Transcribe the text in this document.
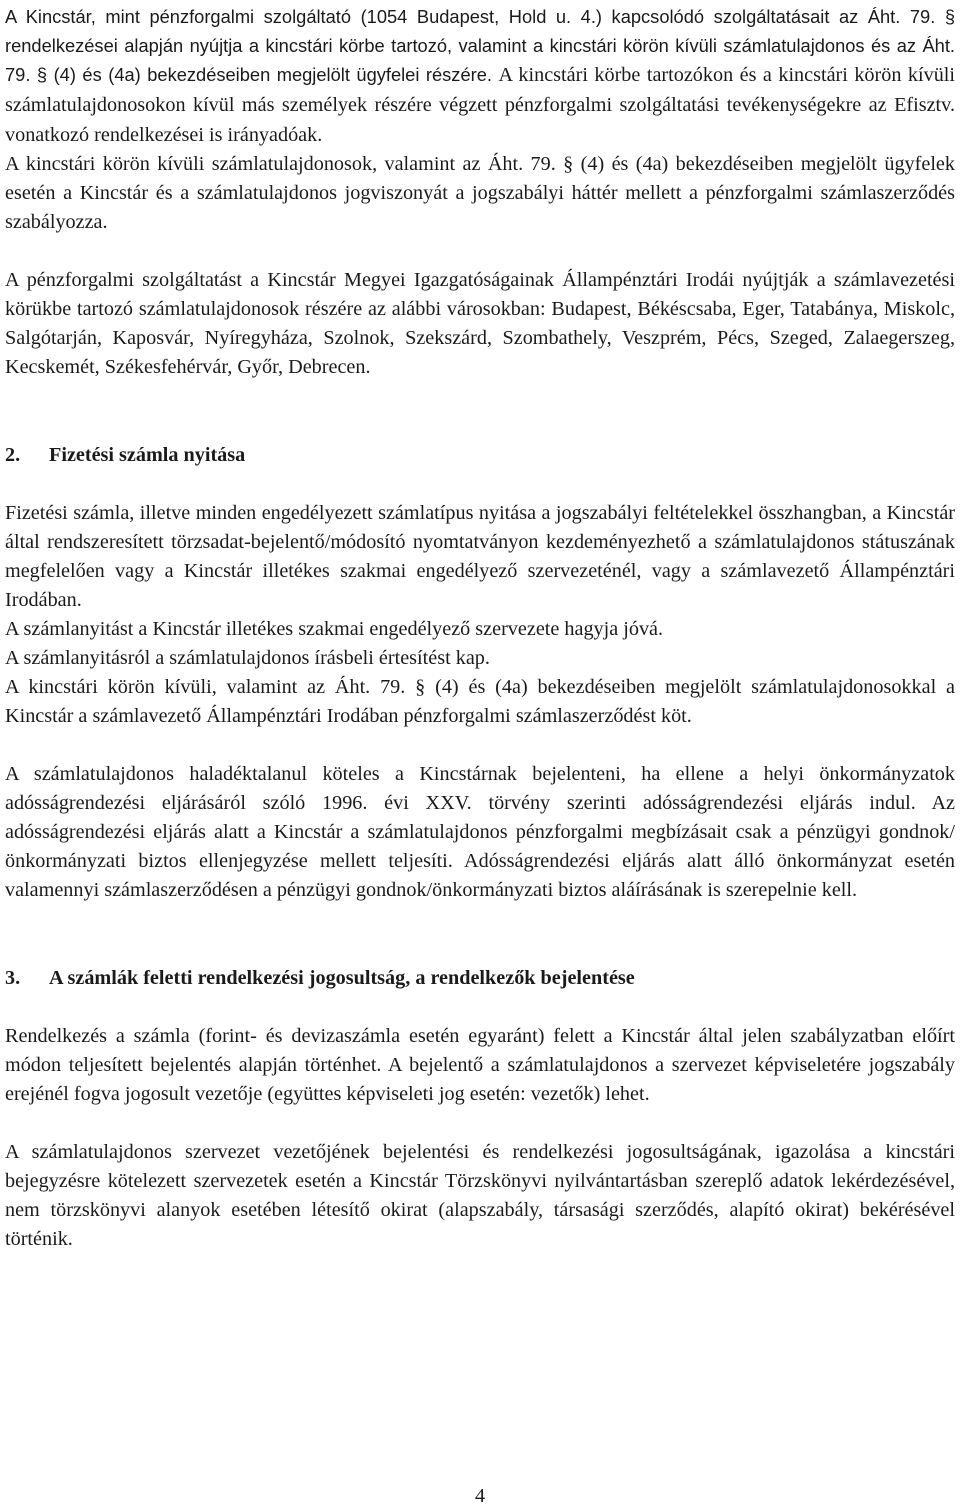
A Kincstár, mint pénzforgalmi szolgáltató (1054 Budapest, Hold u. 4.) kapcsolódó szolgáltatásait az Áht. 79. § rendelkezései alapján nyújtja a kincstári körbe tartozó, valamint a kincstári körön kívüli számlatulajdonos és az Áht. 79. § (4) és (4a) bekezdéseiben megjelölt ügyfelei részére. A kincstári körbe tartozókon és a kincstári körön kívüli számlatulajdonosokon kívül más személyek részére végzett pénzforgalmi szolgáltatási tevékenységekre az Efisztv. vonatkozó rendelkezései is irányadóak.

A kincstári körön kívüli számlatulajdonosok, valamint az Áht. 79. § (4) és (4a) bekezdéseiben megjelölt ügyfelek esetén a Kincstár és a számlatulajdonos jogviszonyát a jogszabályi háttér mellett a pénzforgalmi számlaszerződés szabályozza.

A pénzforgalmi szolgáltatást a Kincstár Megyei Igazgatóságainak Állampénztári Irodái nyújtják a számlavezetési körükbe tartozó számlatulajdonosok részére az alábbi városokban: Budapest, Békéscsaba, Eger, Tatabánya, Miskolc, Salgótarján, Kaposvár, Nyíregyháza, Szolnok, Szekszárd, Szombathely, Veszprém, Pécs, Szeged, Zalaegerszeg, Kecskemét, Székesfehérvár, Győr, Debrecen.

2.	Fizetési számla nyitása

Fizetési számla, illetve minden engedélyezett számlatípus nyitása a jogszabályi feltételekkel összhangban, a Kincstár által rendszeresített törzsadat-bejelentő/módosító nyomtatványon kezdeményezhető a számlatulajdonos státuszának megfelelően vagy a Kincstár illetékes szakmai engedélyező szervezeténél, vagy a számlavezető Állampénztári Irodában.

A számlanyitást a Kincstár illetékes szakmai engedélyező szervezete hagyja jóvá.

A számlanyitásról a számlatulajdonos írásbeli értesítést kap.

A kincstári körön kívüli, valamint az Áht. 79. § (4) és (4a) bekezdéseiben megjelölt számlatulajdonosokkal a Kincstár a számlavezető Állampénztári Irodában pénzforgalmi számlaszerződést köt.

A számlatulajdonos haladéktalanul köteles a Kincstárnak bejelenteni, ha ellene a helyi önkormányzatok adósságrendezési eljárásáról szóló 1996. évi XXV. törvény szerinti adósságrendezési eljárás indul. Az adósságrendezési eljárás alatt a Kincstár a számlatulajdonos pénzforgalmi megbízásait csak a pénzügyi gondnok/önkormányzati biztos ellenjegyzése mellett teljesíti. Adósságrendezési eljárás alatt álló önkormányzat esetén valamennyi számlaszerződésen a pénzügyi gondnok/önkormányzati biztos aláírásának is szerepelnie kell.

3.	A számlák feletti rendelkezési jogosultság, a rendelkezők bejelentése

Rendelkezés a számla (forint- és devizaszámla esetén egyaránt) felett a Kincstár által jelen szabályzatban előírt módon teljesített bejelentés alapján történhet. A bejelentő a számlatulajdonos a szervezet képviseletére jogszabály erejénél fogva jogosult vezetője (együttes képviseleti jog esetén: vezetők) lehet.

A számlatulajdonos szervezet vezetőjének bejelentési és rendelkezési jogosultságának, igazolása a kincstári bejegyzésre kötelezett szervezetek esetén a Kincstár Törzskönyvi nyilvántartásban szereplő adatok lekérdezésével, nem törzskönyvi alanyok esetében létesítő okirat (alapszabály, társasági szerződés, alapító okirat) bekérésével történik.

4
